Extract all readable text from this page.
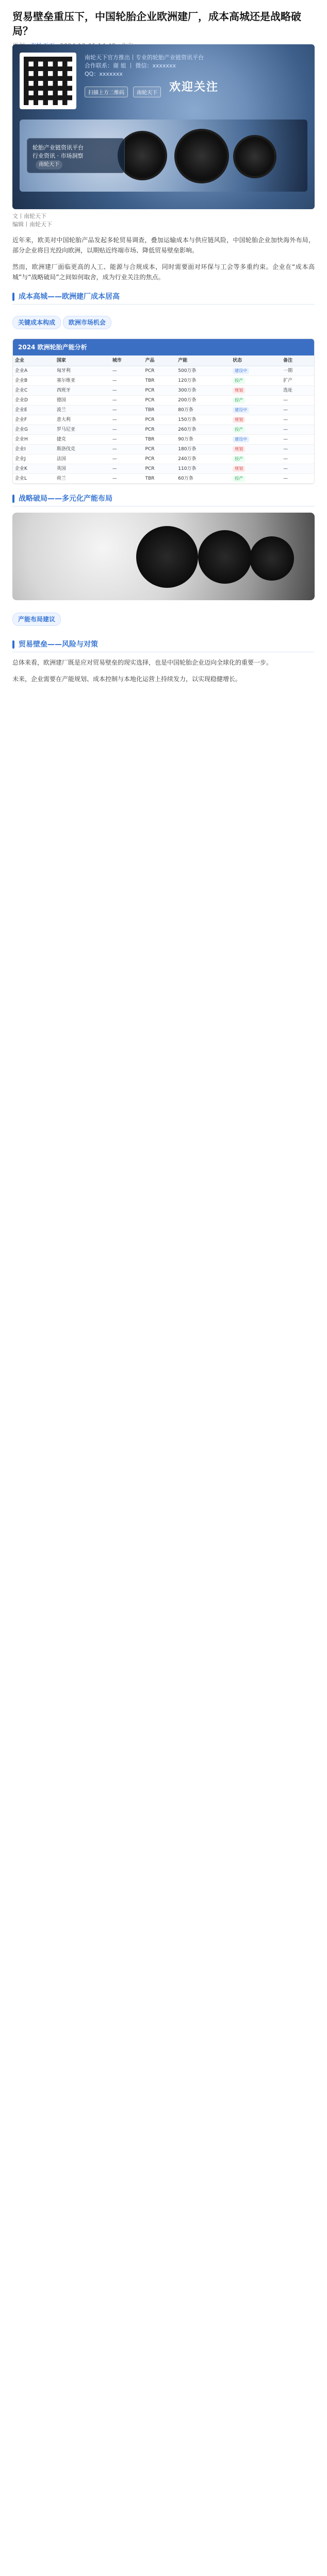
贸易壁垒重压下，中国轮胎企业欧洲建厂，成本高城还是战略破局？
南轮天下官方推出丨专业的轮胎产业链资讯平台
合作联系：谢 姐 丨 微信：xxxxxxx
QQ：xxxxxxx
扫描上方二维码	南轮天下	欢迎关注
轮胎产业链资讯平台
行业资讯 · 市场洞察
南轮天下
文丨南轮天下
编辑丨南轮天下

近年来，欧美对中国轮胎产品发起多轮贸易调查，叠加运输成本与供应链风险，中国轮胎企业加快海外布局，部分企业将目光投向欧洲，以期贴近终端市场、降低贸易壁垒影响。

然而，欧洲建厂面临更高的人工、能源与合规成本，同时需要面对环保与工会等多重约束。企业在“成本高城”与“战略破局”之间如何取舍，成为行业关注的焦点。

成本高城——欧洲建厂成本居高
关键成本构成 欧洲市场机会
2024 欧洲轮胎产能分析
企业	国家	城市	产品	产能	状态	备注
企业A	匈牙利	—	PCR	500万条	建设中	一期
企业B	塞尔维亚	—	TBR	120万条	投产	扩产
企业C	西班牙	—	PCR	300万条	规划	选址
企业D	德国	—	PCR	200万条	投产	—
企业E	波兰	—	TBR	80万条	建设中	—
企业F	意大利	—	PCR	150万条	规划	—
企业G	罗马尼亚	—	PCR	260万条	投产	—
企业H	捷克	—	TBR	90万条	建设中	—
企业I	斯洛伐克	—	PCR	180万条	规划	—
企业J	法国	—	PCR	240万条	投产	—
企业K	英国	—	PCR	110万条	规划	—
企业L	荷兰	—	TBR	60万条	投产	—
战略破局——多元化产能布局
产能布局建议
贸易壁垒——风险与对策

总体来看，欧洲建厂既是应对贸易壁垒的现实选择，也是中国轮胎企业迈向全球化的重要一步。

未来，企业需要在产能规划、成本控制与本地化运营上持续发力，以实现稳健增长。
